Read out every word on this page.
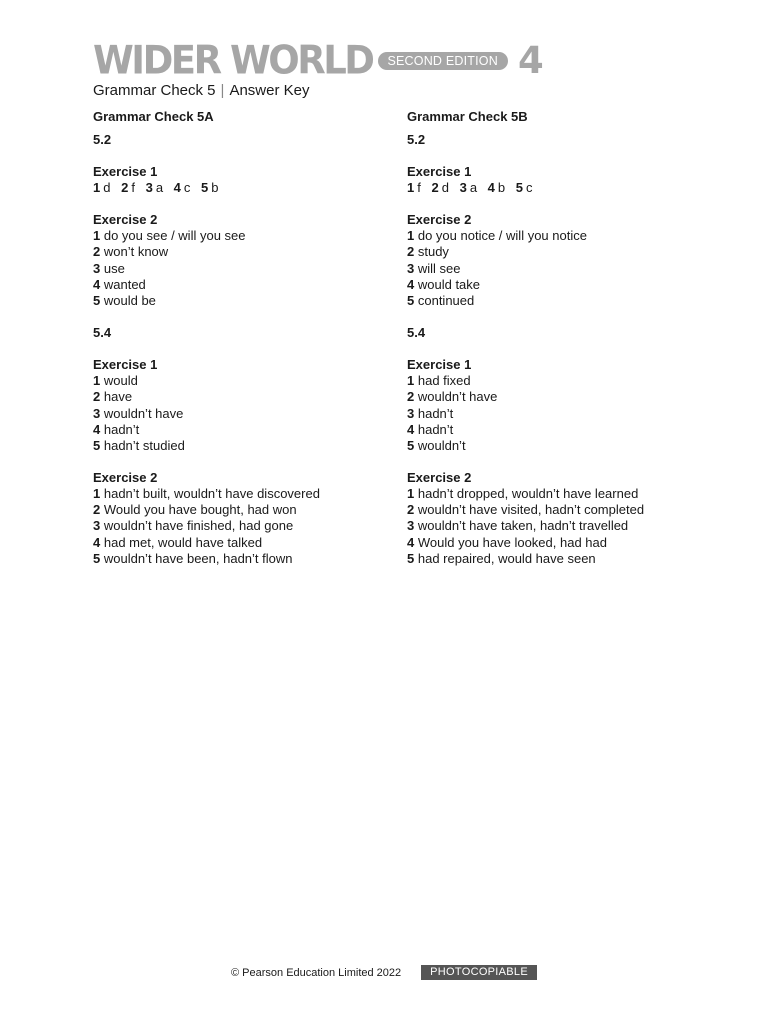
WIDER WORLD	SECOND EDITION 4
Grammar Check 5 | Answer Key
Grammar Check 5A
5.2
Exercise 1
1 d 2 f 3 a 4 c 5 b
Exercise 2
1 do you see / will you see
2 won’t know
3 use
4 wanted
5 would be
5.4
Exercise 1
1 would
2 have
3 wouldn’t have
4 hadn’t
5 hadn’t studied
Exercise 2
1 hadn’t built, wouldn’t have discovered
2 Would you have bought, had won
3 wouldn’t have finished, had gone
4 had met, would have talked
5 wouldn’t have been, hadn’t flown
Grammar Check 5B
5.2
Exercise 1
1 f 2 d 3 a 4 b 5 c
Exercise 2
1 do you notice / will you notice
2 study
3 will see
4 would take
5 continued
5.4
Exercise 1
1 had fixed
2 wouldn’t have
3 hadn’t
4 hadn’t
5 wouldn’t
Exercise 2
1 hadn’t dropped, wouldn’t have learned
2 wouldn’t have visited, hadn’t completed
3 wouldn’t have taken, hadn’t travelled
4 Would you have looked, had had
5 had repaired, would have seen
© Pearson Education Limited 2022	PHOTOCOPIABLE
